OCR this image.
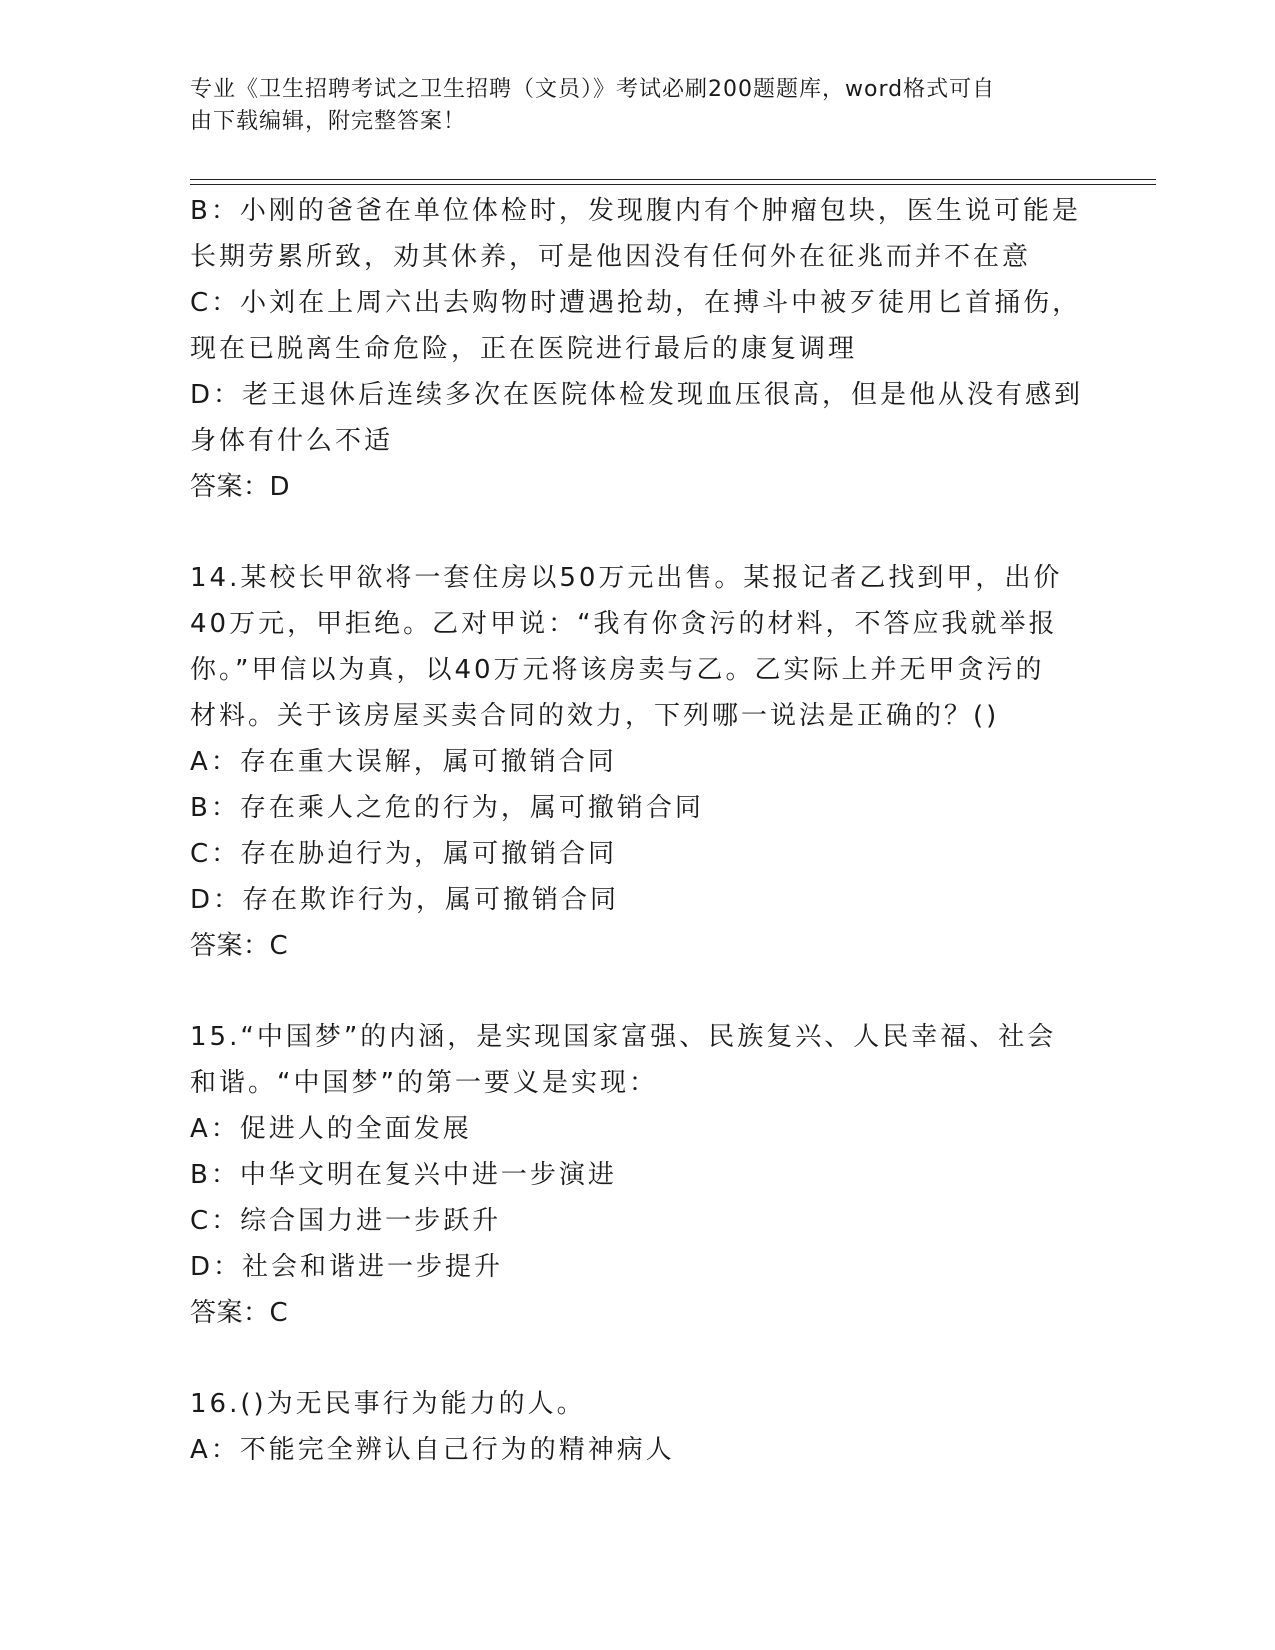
专业《卫生招聘考试之卫生招聘（文员）》考试必刷200题题库，word格式可自
由下载编辑，附完整答案！
B：小刚的爸爸在单位体检时，发现腹内有个肿瘤包块，医生说可能是
长期劳累所致，劝其休养，可是他因没有任何外在征兆而并不在意
C：小刘在上周六出去购物时遭遇抢劫，在搏斗中被歹徒用匕首捅伤，
现在已脱离生命危险，正在医院进行最后的康复调理
D：老王退休后连续多次在医院体检发现血压很高，但是他从没有感到
身体有什么不适
答案：D
14.某校长甲欲将一套住房以50万元出售。某报记者乙找到甲，出价
40万元，甲拒绝。乙对甲说：“我有你贪污的材料，不答应我就举报
你。”甲信以为真，以40万元将该房卖与乙。乙实际上并无甲贪污的
材料。关于该房屋买卖合同的效力，下列哪一说法是正确的？()
A：存在重大误解，属可撤销合同
B：存在乘人之危的行为，属可撤销合同
C：存在胁迫行为，属可撤销合同
D：存在欺诈行为，属可撤销合同
答案：C
15.“中国梦”的内涵，是实现国家富强、民族复兴、人民幸福、社会
和谐。“中国梦”的第一要义是实现：
A：促进人的全面发展
B：中华文明在复兴中进一步演进
C：综合国力进一步跃升
D：社会和谐进一步提升
答案：C
16.()为无民事行为能力的人。
A：不能完全辨认自己行为的精神病人
